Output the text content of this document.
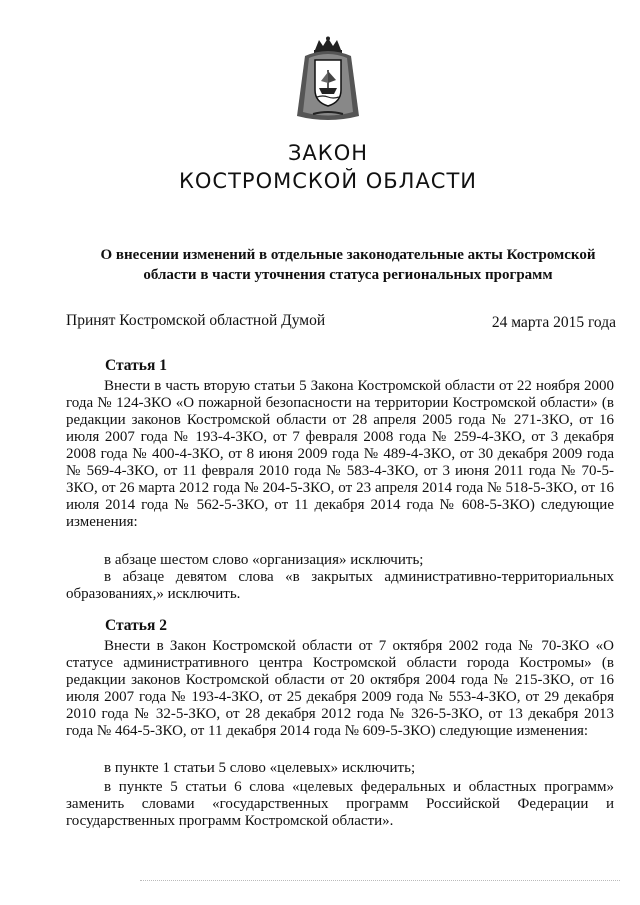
ЗАКОН
КОСТРОМСКОЙ ОБЛАСТИ
О внесении изменений в отдельные законодательные акты Костромской области в части уточнения статуса региональных программ
Принят Костромской областной Думой	24 марта 2015 года
Статья 1

Внести в часть вторую статьи 5 Закона Костромской области от 22 ноября 2000 года № 124-ЗКО «О пожарной безопасности на территории Костромской области» (в редакции законов Костромской области от 28 апреля 2005 года № 271-ЗКО, от 16 июля 2007 года № 193-4-ЗКО, от 7 февраля 2008 года № 259-4-ЗКО, от 3 декабря 2008 года № 400-4-ЗКО, от 8 июня 2009 года № 489-4-ЗКО, от 30 декабря 2009 года № 569-4-ЗКО, от 11 февраля 2010 года № 583-4-ЗКО, от 3 июня 2011 года № 70-5-ЗКО, от 26 марта 2012 года № 204-5-ЗКО, от 23 апреля 2014 года № 518-5-ЗКО, от 16 июля 2014 года № 562-5-ЗКО, от 11 декабря 2014 года № 608-5-ЗКО) следующие изменения:

в абзаце шестом слово «организация» исключить;

в абзаце девятом слова «в закрытых административно-территориальных образованиях,» исключить.

Статья 2

Внести в Закон Костромской области от 7 октября 2002 года № 70-ЗКО «О статусе административного центра Костромской области города Костромы» (в редакции законов Костромской области от 20 октября 2004 года № 215-ЗКО, от 16 июля 2007 года № 193-4-ЗКО, от 25 декабря 2009 года № 553-4-ЗКО, от 29 декабря 2010 года № 32-5-ЗКО, от 28 декабря 2012 года № 326-5-ЗКО, от 13 декабря 2013 года № 464-5-ЗКО, от 11 декабря 2014 года № 609-5-ЗКО) следующие изменения:

в пункте 1 статьи 5 слово «целевых» исключить;

в пункте 5 статьи 6 слова «целевых федеральных и областных программ» заменить словами «государственных программ Российской Федерации и государственных программ Костромской области».
